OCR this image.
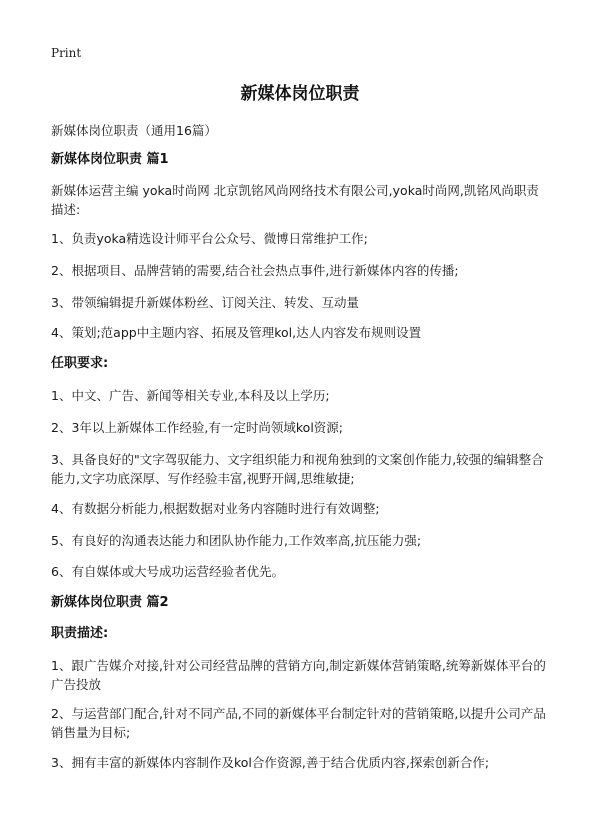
Print
新媒体岗位职责
新媒体岗位职责（通用16篇）
新媒体岗位职责 篇1
新媒体运营主编 yoka时尚网 北京凯铭风尚网络技术有限公司,yoka时尚网,凯铭风尚职责描述:
1、负责yoka精选设计师平台公众号、微博日常维护工作;
2、根据项目、品牌营销的需要,结合社会热点事件,进行新媒体内容的传播;
3、带领编辑提升新媒体粉丝、订阅关注、转发、互动量
4、策划;范app中主题内容、拓展及管理kol,达人内容发布规则设置
任职要求:
1、中文、广告、新闻等相关专业,本科及以上学历;
2、3年以上新媒体工作经验,有一定时尚领域kol资源;
3、具备良好的"文字驾驭能力、文字组织能力和视角独到的文案创作能力,较强的编辑整合能力,文字功底深厚、写作经验丰富,视野开阔,思维敏捷;
4、有数据分析能力,根据数据对业务内容随时进行有效调整;
5、有良好的沟通表达能力和团队协作能力,工作效率高,抗压能力强;
6、有自媒体或大号成功运营经验者优先。
新媒体岗位职责 篇2
职责描述:
1、跟广告媒介对接,针对公司经营品牌的营销方向,制定新媒体营销策略,统筹新媒体平台的广告投放
2、与运营部门配合,针对不同产品,不同的新媒体平台制定针对的营销策略,以提升公司产品销售量为目标;
3、拥有丰富的新媒体内容制作及kol合作资源,善于结合优质内容,探索创新合作;
